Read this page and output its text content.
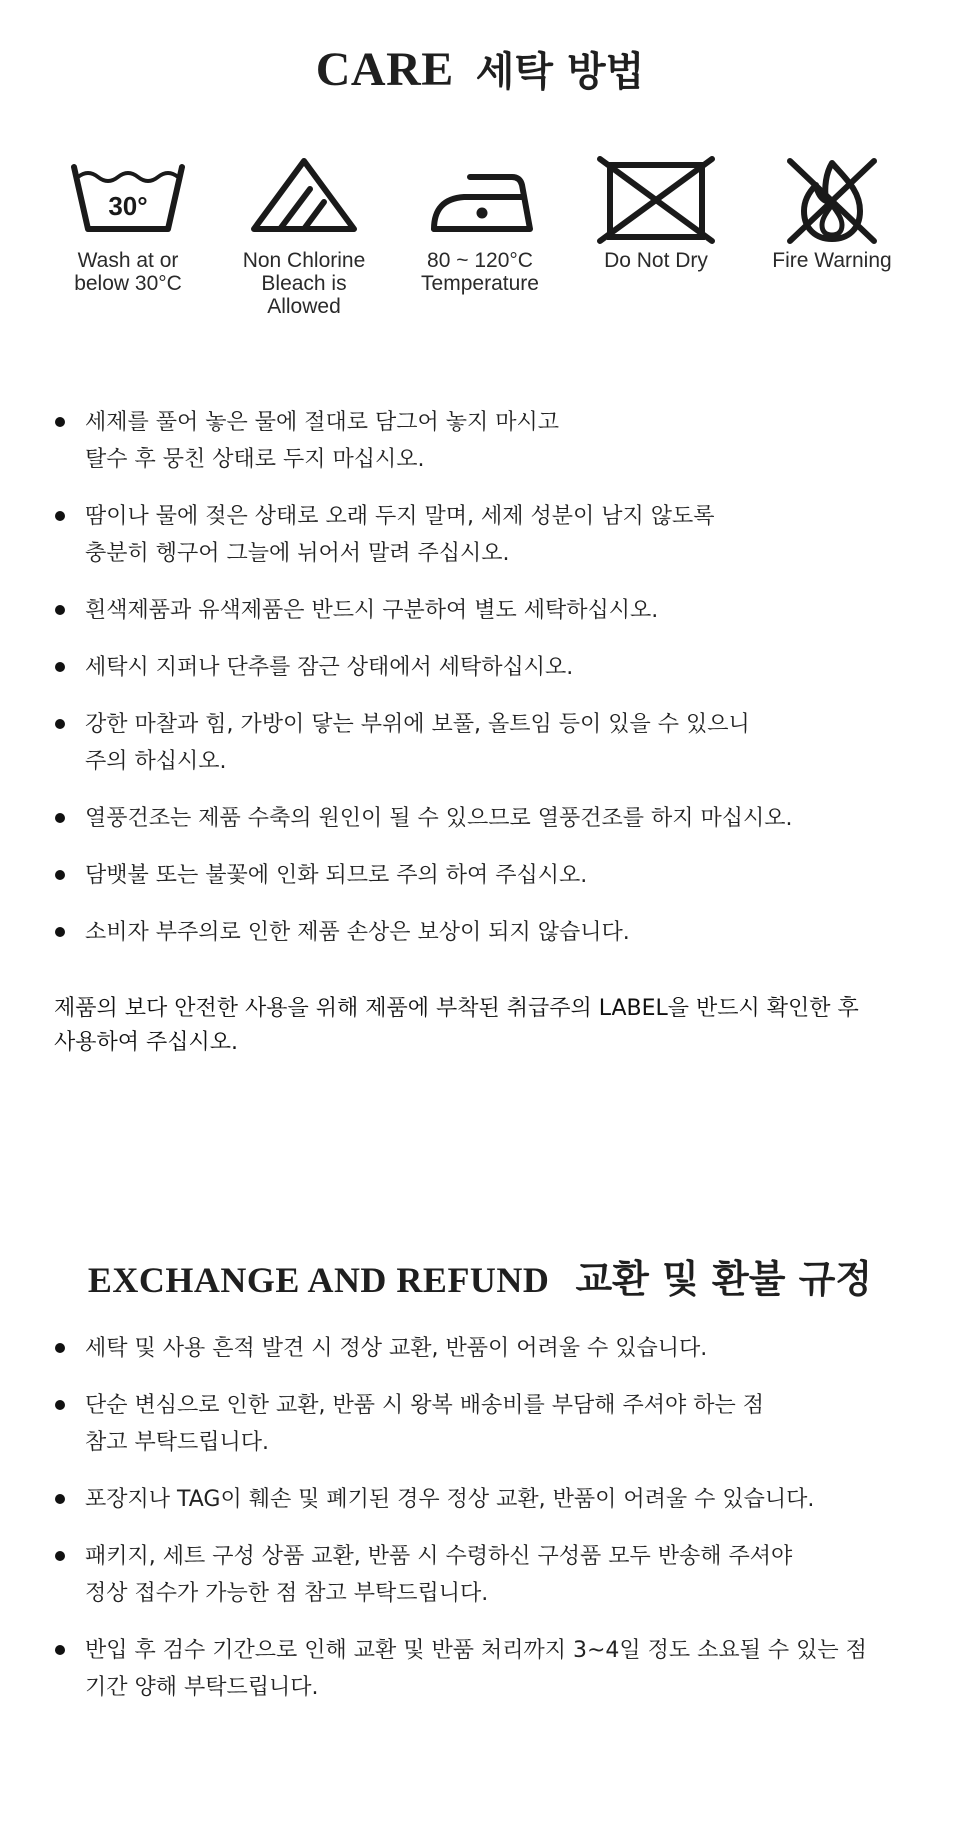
CARE 세탁 방법
30°
Wash at or
below 30°C
Non Chlorine
Bleach is
Allowed
80 ~ 120°C
Temperature
Do Not Dry	Fire Warning
세제를 풀어 놓은 물에 절대로 담그어 놓지 마시고
탈수 후 뭉친 상태로 두지 마십시오.
땀이나 물에 젖은 상태로 오래 두지 말며, 세제 성분이 남지 않도록
충분히 헹구어 그늘에 뉘어서 말려 주십시오.
흰색제품과 유색제품은 반드시 구분하여 별도 세탁하십시오.
세탁시 지퍼나 단추를 잠근 상태에서 세탁하십시오.
강한 마찰과 힘, 가방이 닿는 부위에 보풀, 올트임 등이 있을 수 있으니
주의 하십시오.
열풍건조는 제품 수축의 원인이 될 수 있으므로 열풍건조를 하지 마십시오.
담뱃불 또는 불꽃에 인화 되므로 주의 하여 주십시오.
소비자 부주의로 인한 제품 손상은 보상이 되지 않습니다.
제품의 보다 안전한 사용을 위해 제품에 부착된 취급주의 LABEL을 반드시 확인한 후
사용하여 주십시오.
EXCHANGE AND REFUND 교환 및 환불 규정
세탁 및 사용 흔적 발견 시 정상 교환, 반품이 어려울 수 있습니다.
단순 변심으로 인한 교환, 반품 시 왕복 배송비를 부담해 주셔야 하는 점
참고 부탁드립니다.
포장지나 TAG이 훼손 및 폐기된 경우 정상 교환, 반품이 어려울 수 있습니다.
패키지, 세트 구성 상품 교환, 반품 시 수령하신 구성품 모두 반송해 주셔야
정상 접수가 가능한 점 참고 부탁드립니다.
반입 후 검수 기간으로 인해 교환 및 반품 처리까지 3~4일 정도 소요될 수 있는 점
기간 양해 부탁드립니다.
